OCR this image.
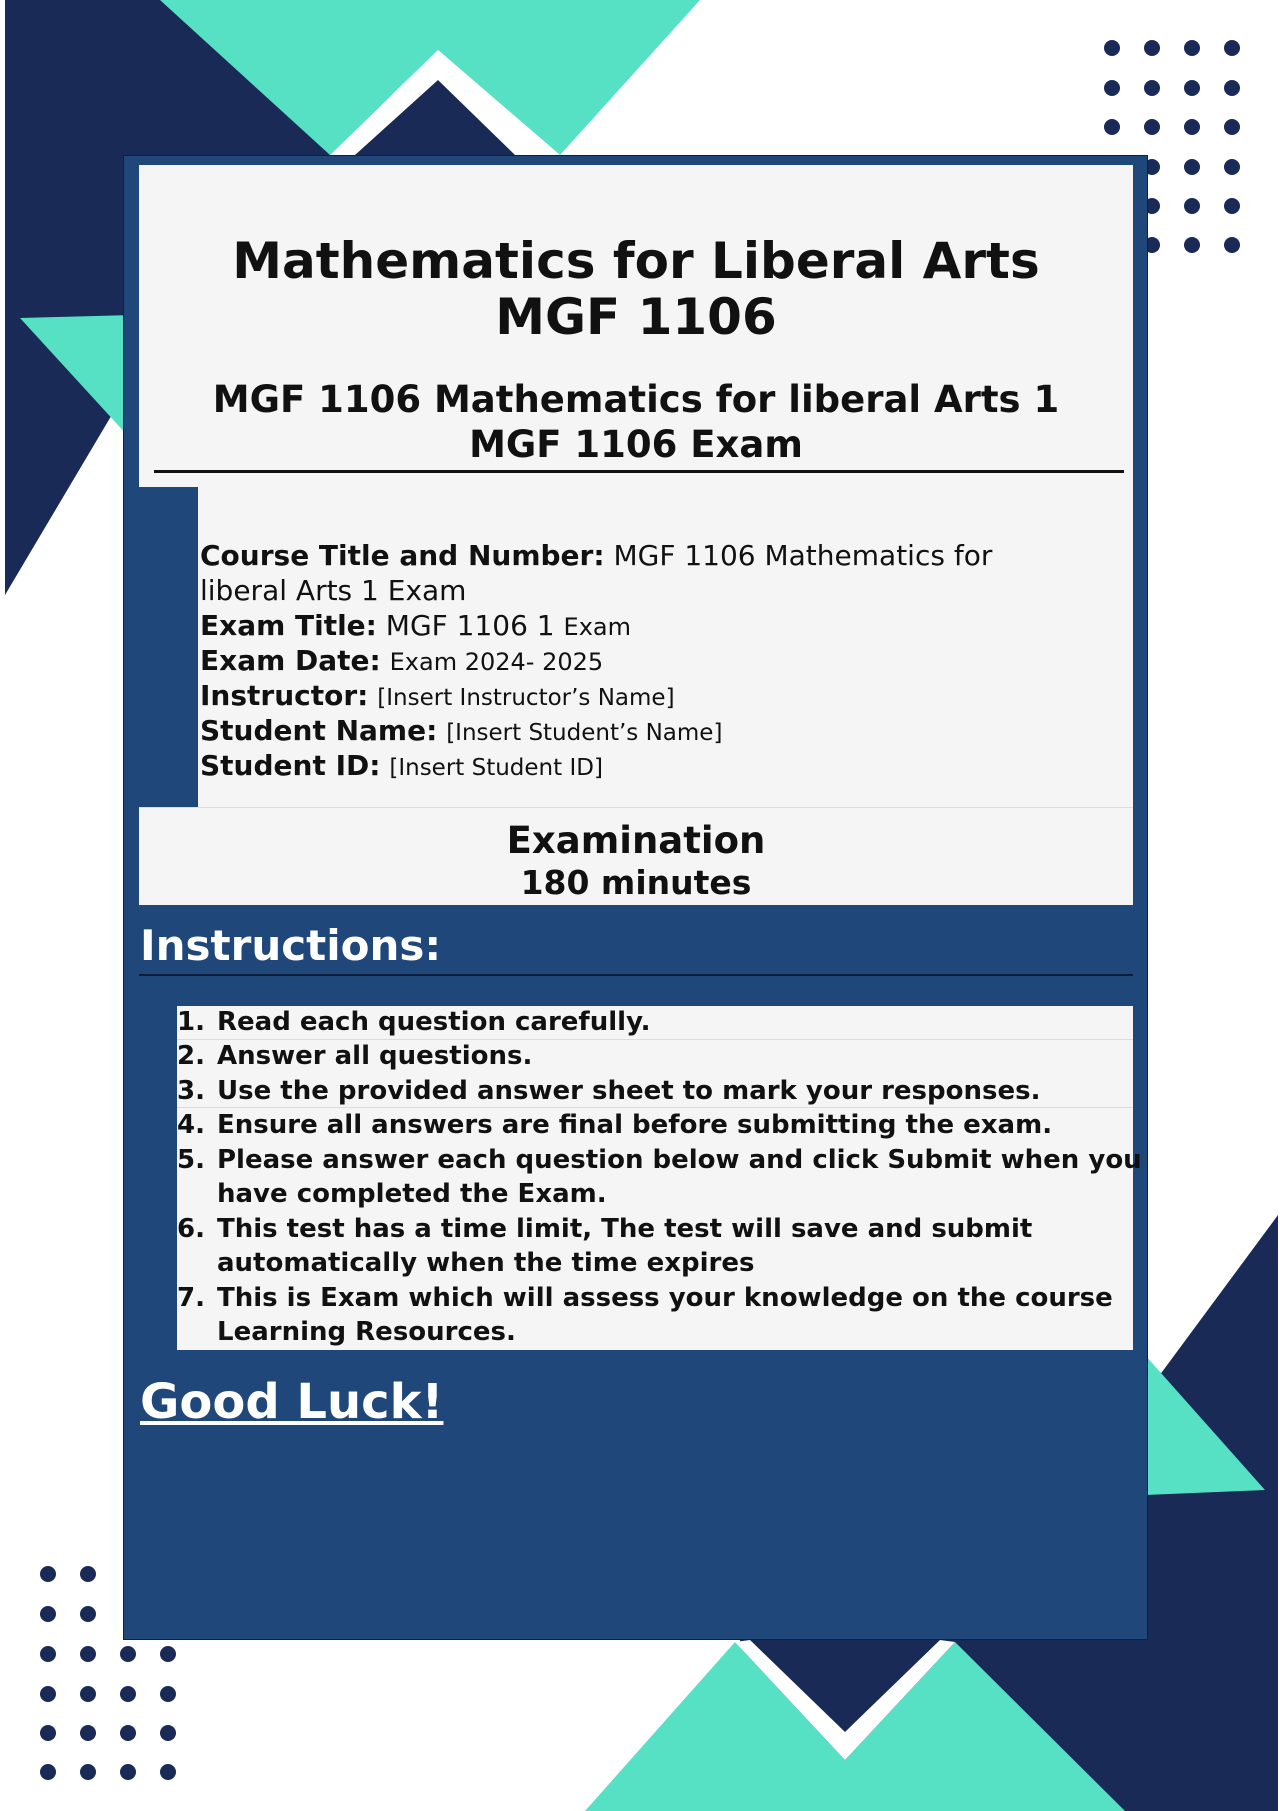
Mathematics for Liberal Arts
MGF 1106
MGF 1106 Mathematics for liberal Arts 1
MGF 1106 Exam
Course Title and Number: MGF 1106 Mathematics for
liberal Arts 1 Exam
Exam Title: MGF 1106 1 Exam
Exam Date: Exam 2024- 2025
Instructor: [Insert Instructor’s Name]
Student Name: [Insert Student’s Name]
Student ID: [Insert Student ID]
Examination
180 minutes
Instructions:
1. Read each question carefully.
2. Answer all questions.
3. Use the provided answer sheet to mark your responses.
4. Ensure all answers are final before submitting the exam.
5. Please answer each question below and click Submit when you
have completed the Exam.
6. This test has a time limit, The test will save and submit
automatically when the time expires
7. This is Exam which will assess your knowledge on the course
Learning Resources.
Good Luck!
